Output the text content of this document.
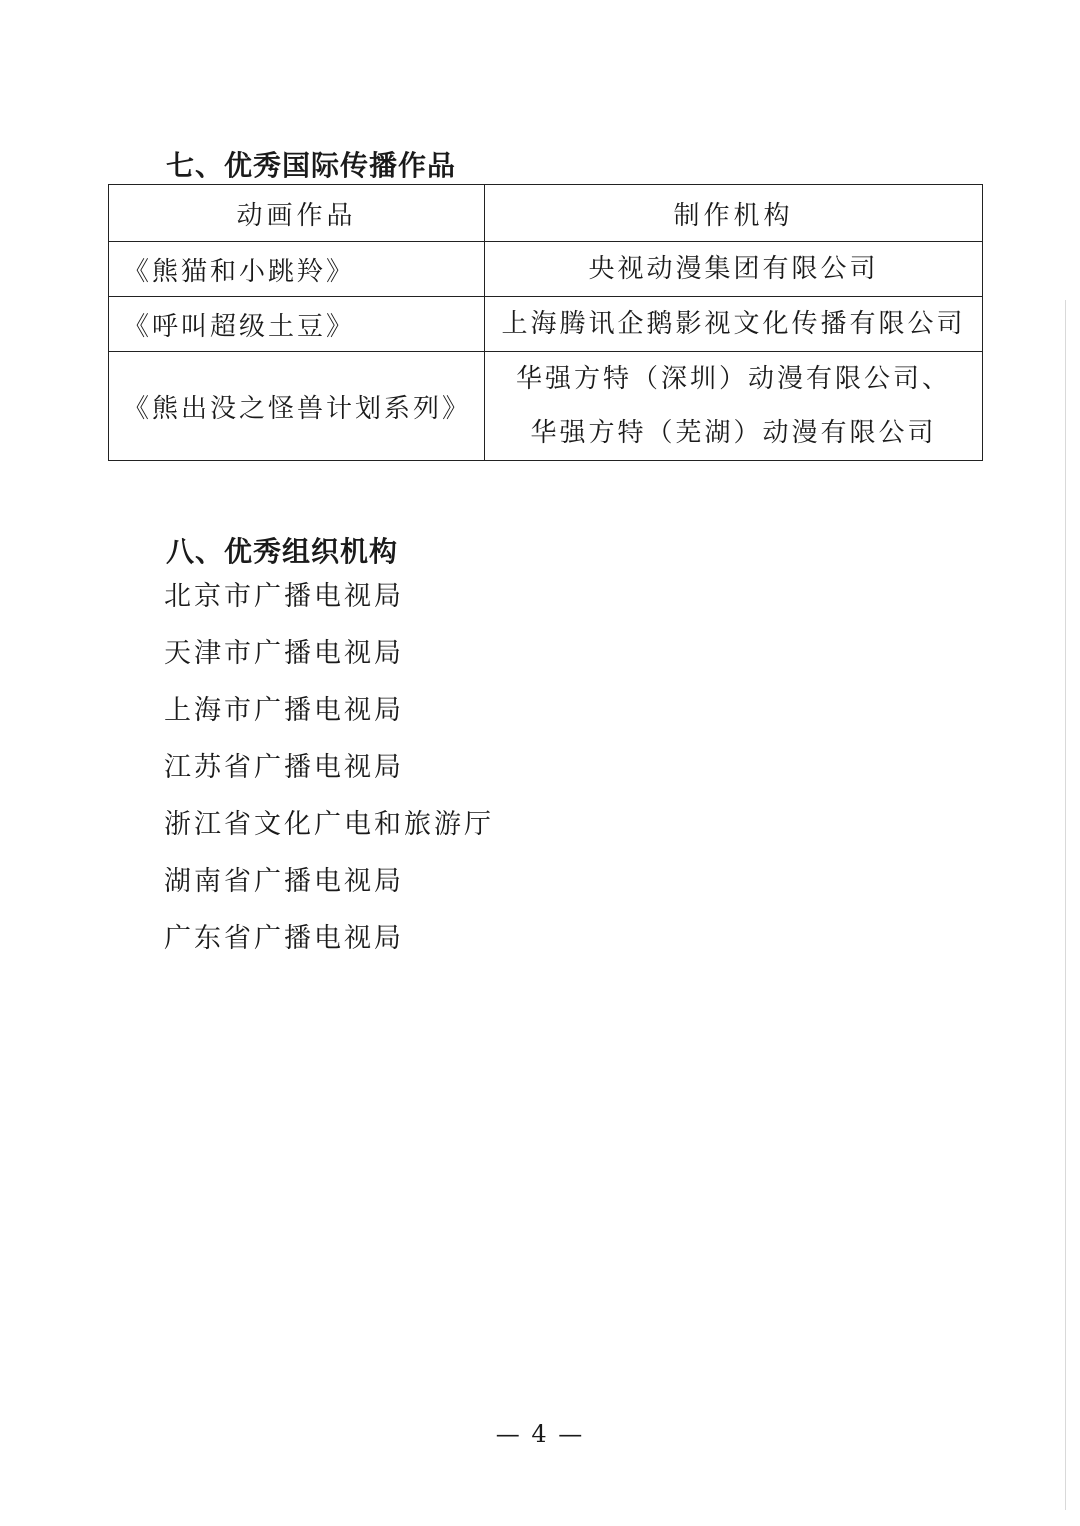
七、优秀国际传播作品
动画作品	制作机构
《熊猫和小跳羚》	央视动漫集团有限公司

《呼叫超级土豆》	上海腾讯企鹅影视文化传播有限公司

《熊出没之怪兽计划系列》	华强方特（深圳）动漫有限公司、
华强方特（芜湖）动漫有限公司
八、优秀组织机构
北京市广播电视局
天津市广播电视局
上海市广播电视局
江苏省广播电视局
浙江省文化广电和旅游厅
湖南省广播电视局
广东省广播电视局
— 4 —
